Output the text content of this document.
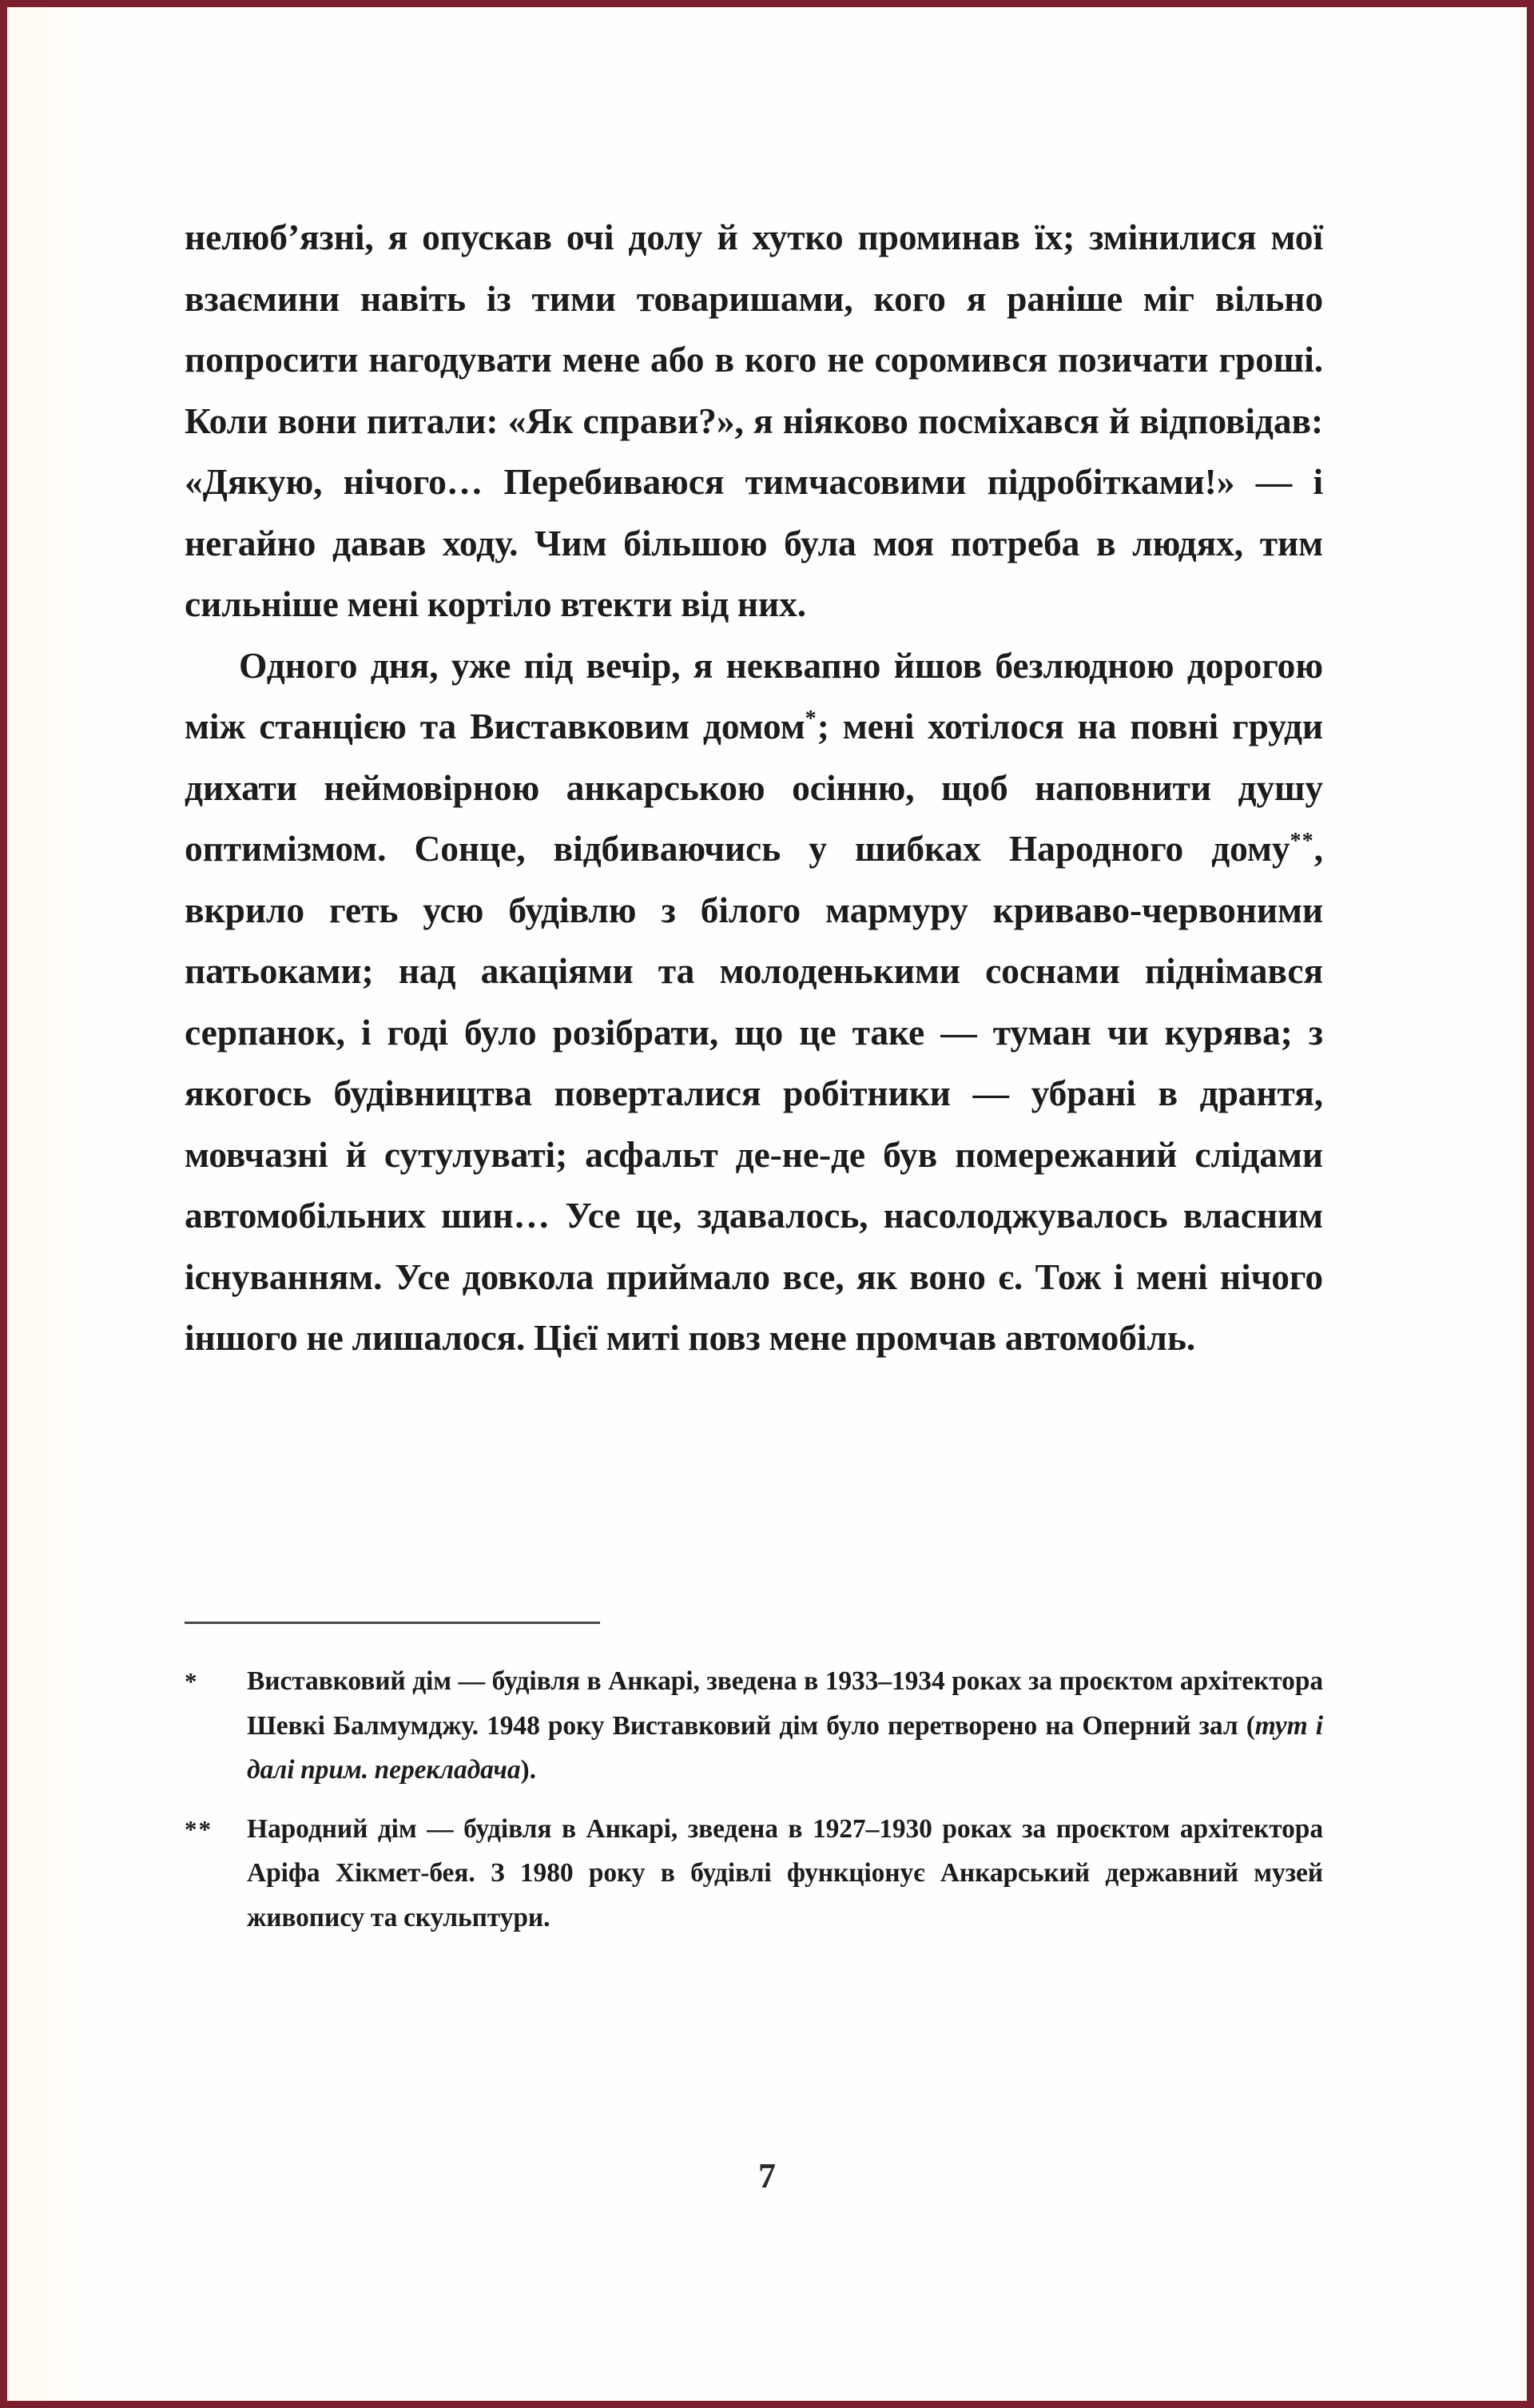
нелюб’язні, я опускав очі долу й хутко проминав їх; змінилися мої взаємини навіть із тими товаришами, кого я раніше міг вільно попросити нагодувати мене або в кого не соромився позичати гроші. Коли вони питали: «Як справи?», я ніяково посміхався й відповідав: «Дякую, нічого… Перебиваюся тимчасовими підробітками!» — і негайно давав ходу. Чим більшою була моя потреба в людях, тим сильніше мені кортіло втекти від них.

Одного дня, уже під вечір, я неквапно йшов безлюдною дорогою між станцією та Виставковим домом*; мені хотілося на повні груди дихати неймовірною анкарською осінню, щоб наповнити душу оптимізмом. Сонце, відбиваючись у шибках Народного дому**, вкрило геть усю будівлю з білого мармуру криваво-червоними патьоками; над акаціями та молоденькими соснами піднімався серпанок, і годі було розібрати, що це таке — туман чи курява; з якогось будівництва поверталися робітники — убрані в дрантя, мовчазні й сутулуваті; асфальт де-не-де був помережаний слідами автомобільних шин… Усе це, здавалось, насолоджувалось власним існуванням. Усе довкола приймало все, як воно є. Тож і мені нічого іншого не лишалося. Цієї миті повз мене промчав автомобіль.

*	Виставковий дім — будівля в Анкарі, зведена в 1933–1934 роках за проєктом архітектора Шевкі Балмумджу. 1948 року Виставковий дім було перетворено на Оперний зал (тут і далі прим. перекладача).

**	Народний дім — будівля в Анкарі, зведена в 1927–1930 роках за проєктом архітектора Аріфа Хікмет-бея. З 1980 року в будівлі функціонує Анкарський державний музей живопису та скульптури.

7
